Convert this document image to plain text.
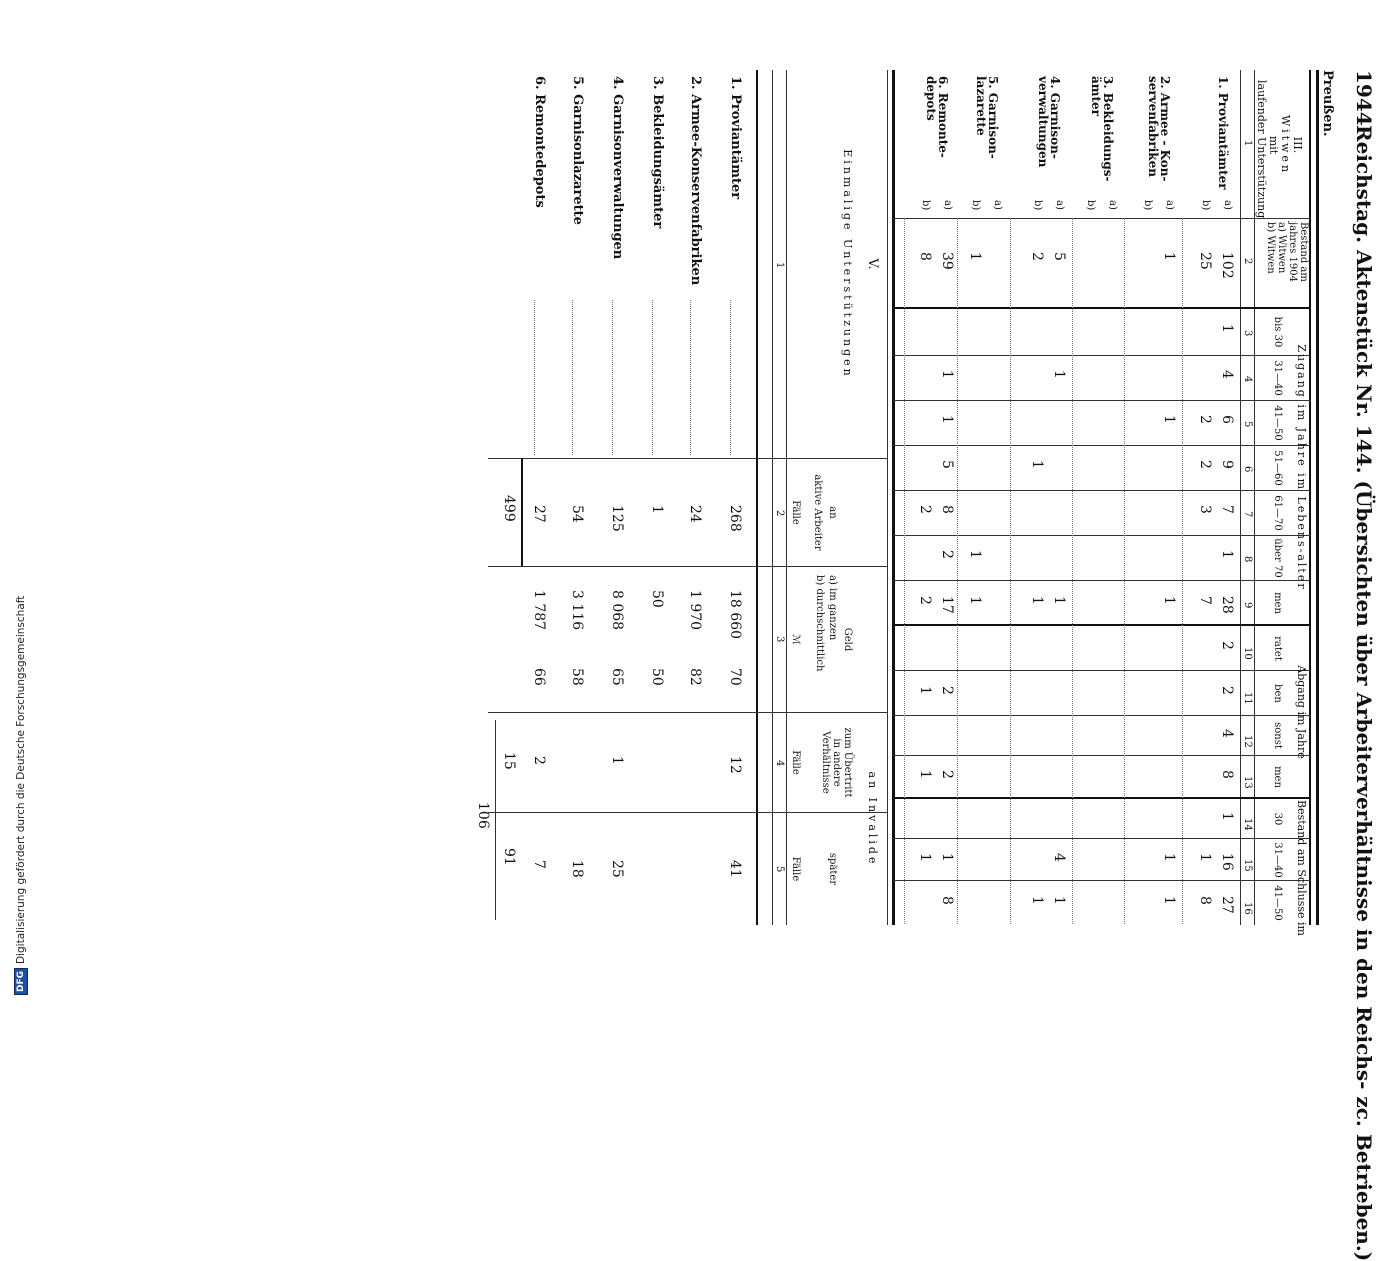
DFG
Digitalisierung gefördert durch die Deutsche Forschungsgemeinschaft
1944
Reichstag. Aktenstück Nr. 144. (Übersichten über Arbeiterverhältnisse in den Reichs- zc. Betrieben.)
Preußen.
III.
Witwen
mit
laufender Unterstützung
Bestand am
jahres 1904
a) Witwen
b) Witwen
Zugang im Jahre im Lebens-alter
bis 30
31—40
41—50
51—60
61—70
über 70
men
Abgang im Jahre
ratet
ben
sonst
men
Bestand am Schlusse im
30
31—40
41—50
1
2
3
4
5
6
7
8
9
10
11
12
13
14
15
16
1. Proviantämter
a)
102
1
4
6
9
7
1
28
2
2
4
8
1
16
27
b)
25
2
2
3
7
1
8
2. Armee - Kon-servenfabriken
a)
1
1
1
1
1
b)
3. Bekleidungs-ämter
a)
b)
4. Garnison-verwaltungen
a)
5
1
1
4
1
b)
2
1
1
1
5. Garnison-lazarette
a)
b)
1
1
1
6. Remonte-depots
a)
39
1
1
5
8
2
17
2
2
1
8
b)
8
2
2
1
1
1
V.
Einmalige Unterstützungen
an
aktive Arbeiter
Fälle
Geld
a) im ganzen
b) durchschnittlich
ℳ
an Invalide
zum Übertritt
in andere
Verhältnisse
Fälle
später
Fälle
1
2
3
4
5
1. Proviantämter
268
18 660
70
12
41
2. Armee-Konservenfabriken
24
1 970
82
3. Bekleidungsämter
1
50
50
4. Garnisonverwaltungen
125
8 068
65
1
25
5. Garnisonlazarette
54
3 116
58
18
6. Remontedepots
27
1 787
66
2
7
499
15
91
106
